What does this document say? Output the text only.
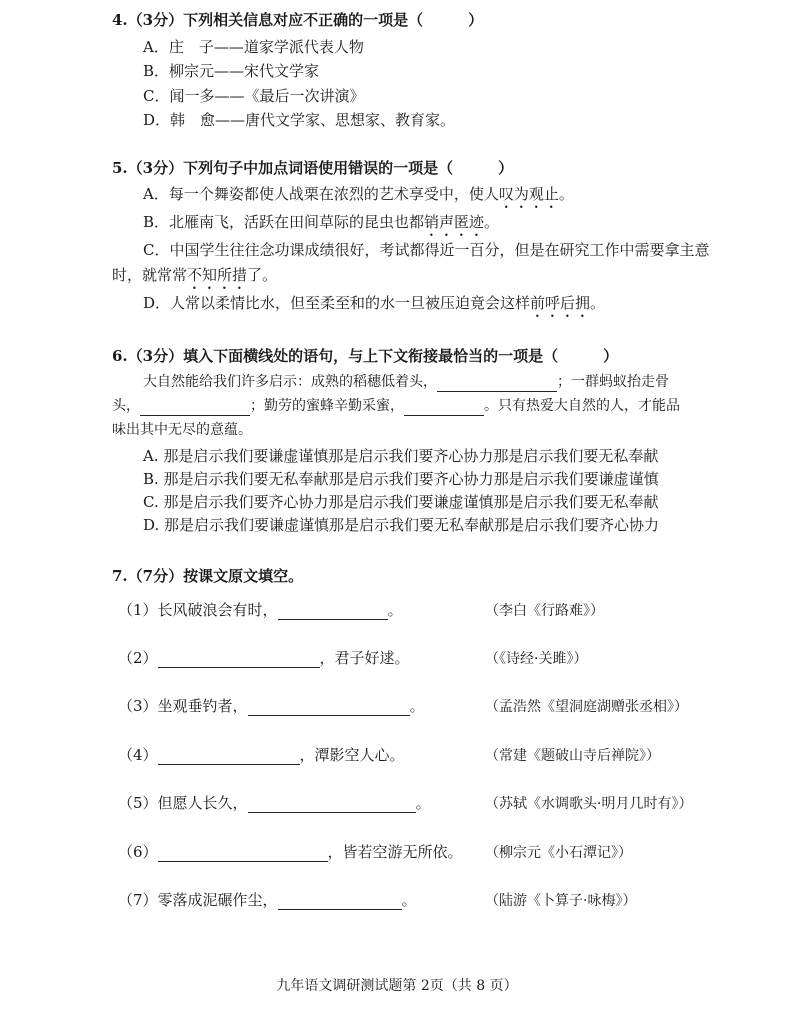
4.（3分）下列相关信息对应不正确的一项是（　　　）
A．庄　子——道家学派代表人物
B．柳宗元——宋代文学家
C．闻一多——《最后一次讲演》
D．韩　愈——唐代文学家、思想家、教育家。
5.（3分）下列句子中加点词语使用错误的一项是（　　　）
A．每一个舞姿都使人战栗在浓烈的艺术享受中，使人叹为观止。
B．北雁南飞，活跃在田间草际的昆虫也都销声匿迹。
C．中国学生往往念功课成绩很好，考试都得近一百分，但是在研究工作中需要拿主意
时，就常常不知所措了。
D．人常以柔情比水，但至柔至和的水一旦被压迫竟会这样前呼后拥。
6.（3分）填入下面横线处的语句，与上下文衔接最恰当的一项是（　　　）
大自然能给我们许多启示：成熟的稻穗低着头，	；一群蚂蚁抬走骨
头，	；勤劳的蜜蜂辛勤采蜜，	。只有热爱大自然的人，才能品
味出其中无尽的意蕴。
A. 那是启示我们要谦虚谨慎那是启示我们要齐心协力那是启示我们要无私奉献
B. 那是启示我们要无私奉献那是启示我们要齐心协力那是启示我们要谦虚谨慎
C. 那是启示我们要齐心协力那是启示我们要谦虚谨慎那是启示我们要无私奉献
D. 那是启示我们要谦虚谨慎那是启示我们要无私奉献那是启示我们要齐心协力
7.（7分）按课文原文填空。
（1）长风破浪会有时，	。	（李白《行路难》）
（2）	，君子好逑。	（《诗经·关雎》）
（3）坐观垂钓者，	。	（孟浩然《望洞庭湖赠张丞相》）
（4）	，潭影空人心。	（常建《题破山寺后禅院》）
（5）但愿人长久，	。	（苏轼《水调歌头·明月几时有》）
（6）	，皆若空游无所依。 （柳宗元《小石潭记》）
（7）零落成泥碾作尘，	。	（陆游《卜算子·咏梅》）
九年语文调研测试题第 2页（共 8 页）
